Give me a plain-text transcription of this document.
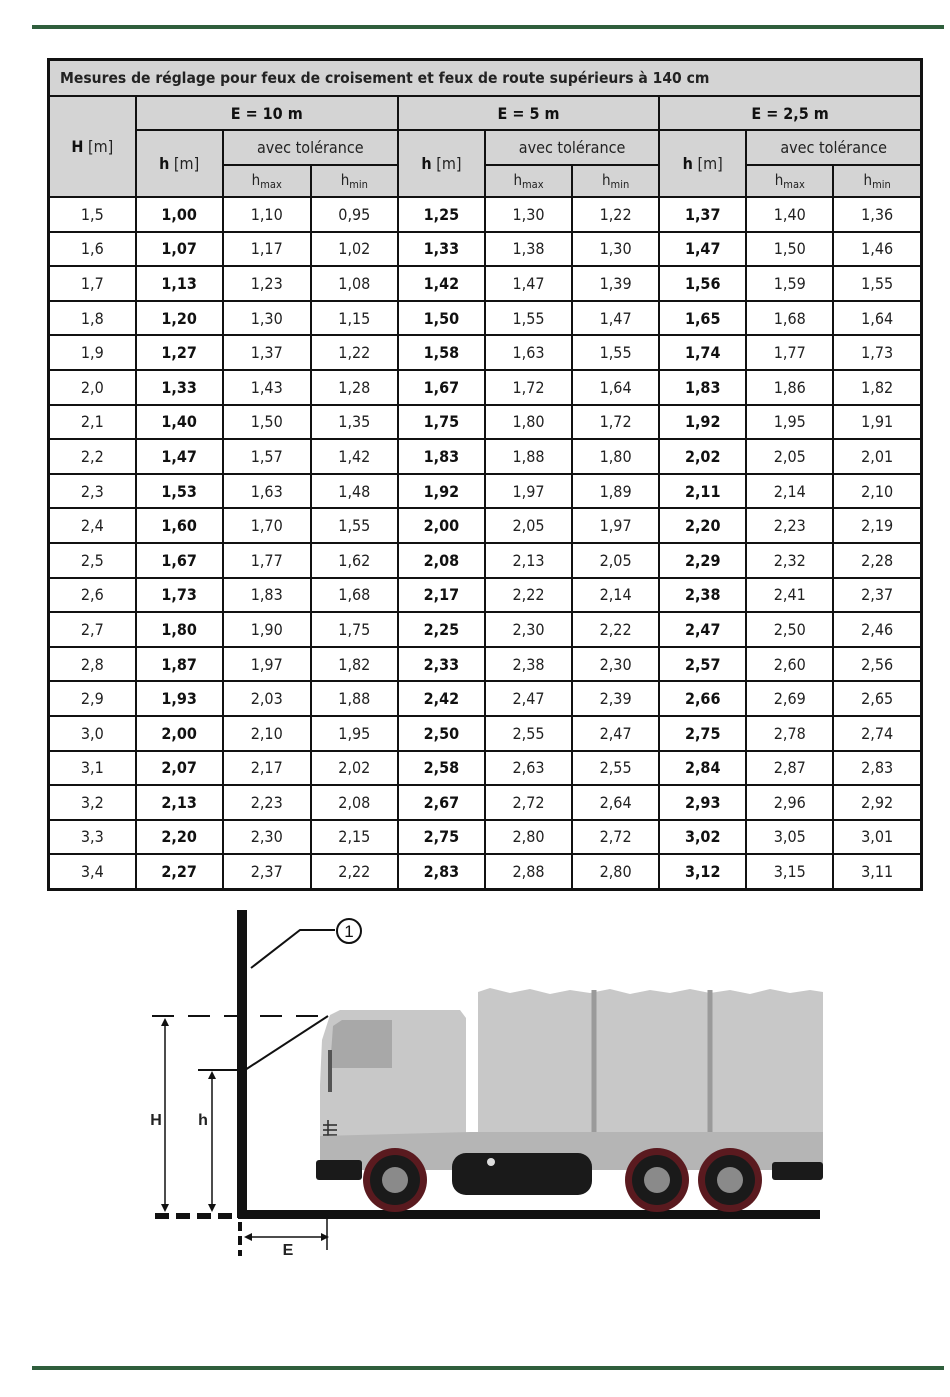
Mesures de réglage pour feux de croisement et feux de route supérieurs à 140 cm									
H [m]	E = 10 m			E = 5 m			E = 2,5 m		
	h [m]	avec tolérance		h [m]	avec tolérance		h [m]	avec tolérance	
		$h_{max}$	$h_{min}$		$h_{max}$	$h_{min}$		$h_{max}$	$h_{min}$
1,5	1,00	1,10	0,95	1,25	1,30	1,22	1,37	1,40	1,36
1,6	1,07	1,17	1,02	1,33	1,38	1,30	1,47	1,50	1,46
1,7	1,13	1,23	1,08	1,42	1,47	1,39	1,56	1,59	1,55
1,8	1,20	1,30	1,15	1,50	1,55	1,47	1,65	1,68	1,64
1,9	1,27	1,37	1,22	1,58	1,63	1,55	1,74	1,77	1,73
2,0	1,33	1,43	1,28	1,67	1,72	1,64	1,83	1,86	1,82
2,1	1,40	1,50	1,35	1,75	1,80	1,72	1,92	1,95	1,91
2,2	1,47	1,57	1,42	1,83	1,88	1,80	2,02	2,05	2,01
2,3	1,53	1,63	1,48	1,92	1,97	1,89	2,11	2,14	2,10
2,4	1,60	1,70	1,55	2,00	2,05	1,97	2,20	2,23	2,19
2,5	1,67	1,77	1,62	2,08	2,13	2,05	2,29	2,32	2,28
2,6	1,73	1,83	1,68	2,17	2,22	2,14	2,38	2,41	2,37
2,7	1,80	1,90	1,75	2,25	2,30	2,22	2,47	2,50	2,46
2,8	1,87	1,97	1,82	2,33	2,38	2,30	2,57	2,60	2,56
2,9	1,93	2,03	1,88	2,42	2,47	2,39	2,66	2,69	2,65
3,0	2,00	2,10	1,95	2,50	2,55	2,47	2,75	2,78	2,74
3,1	2,07	2,17	2,02	2,58	2,63	2,55	2,84	2,87	2,83
3,2	2,13	2,23	2,08	2,67	2,72	2,64	2,93	2,96	2,92
3,3	2,20	2,30	2,15	2,75	2,80	2,72	3,02	3,05	3,01
3,4	2,27	2,37	2,22	2,83	2,88	2,80	3,12	3,15	3,11
1
H h
E
